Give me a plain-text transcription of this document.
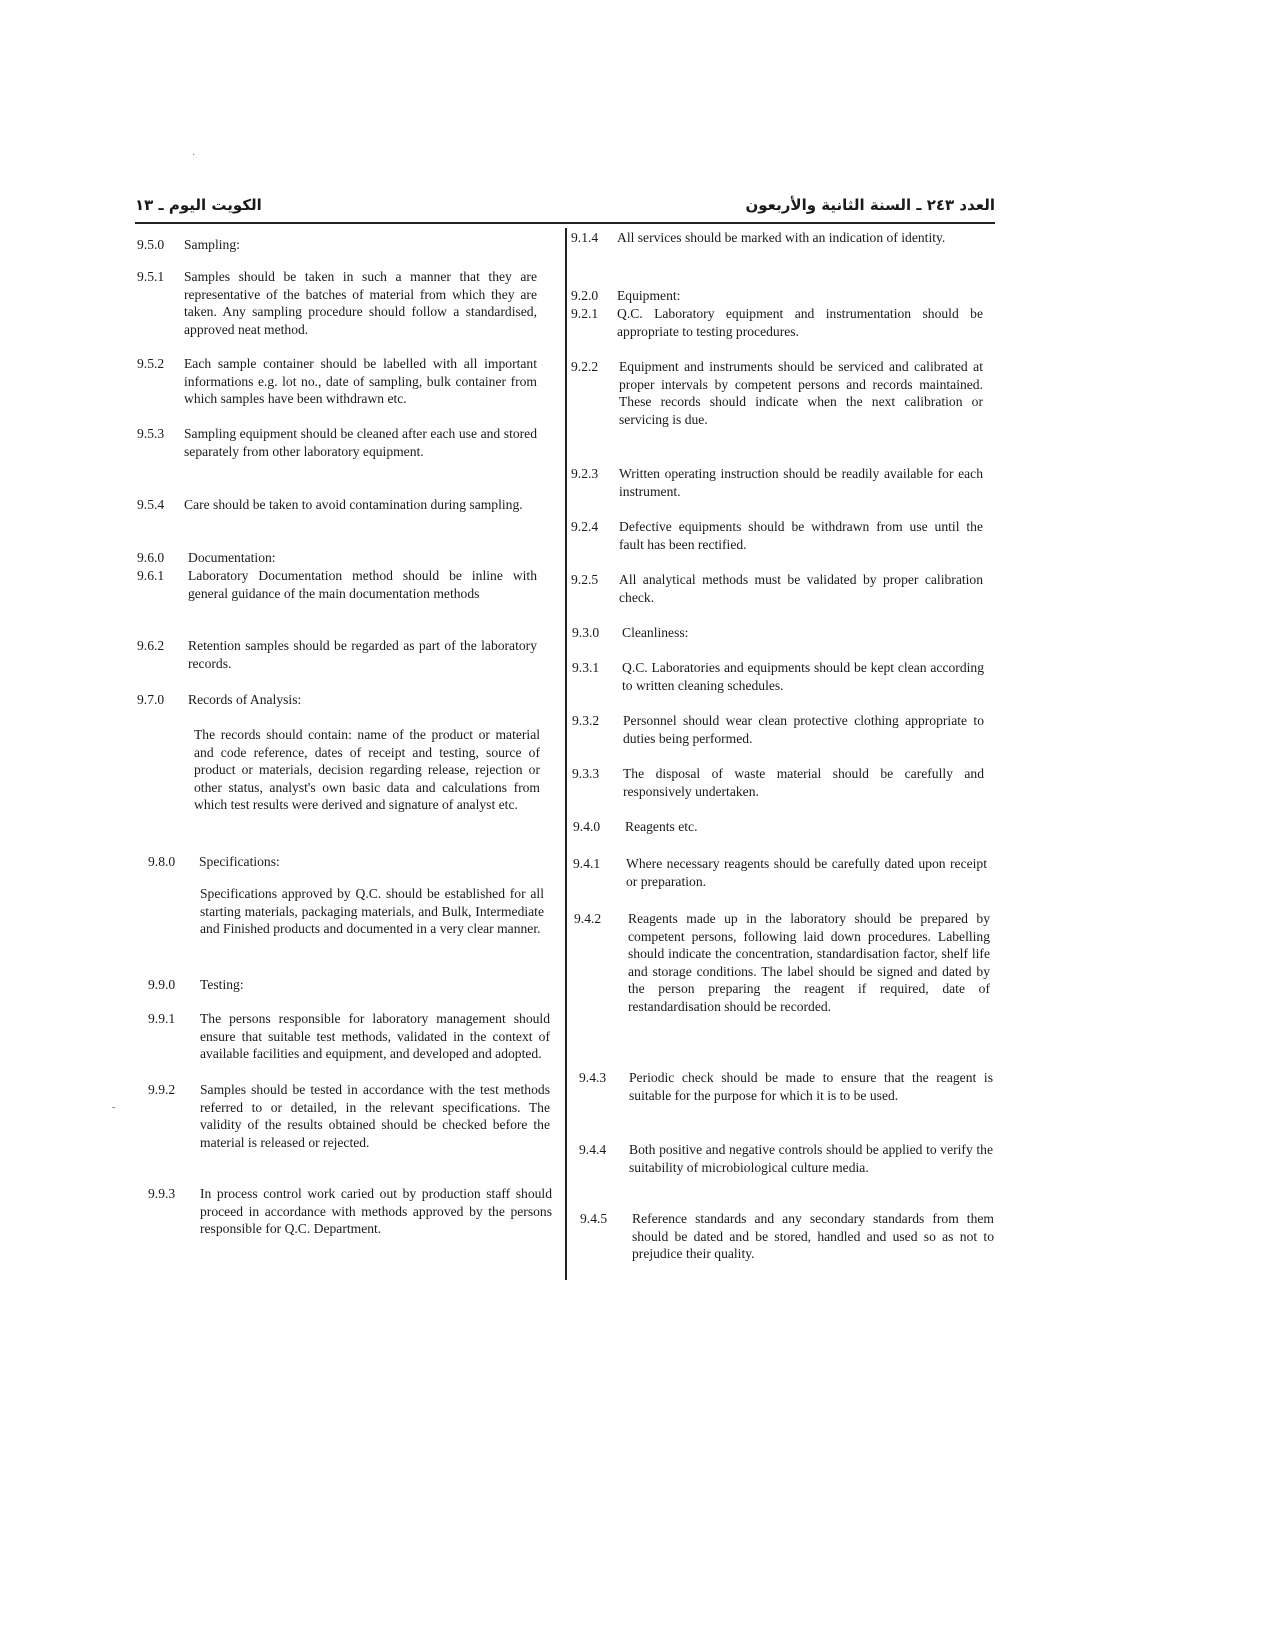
الكويت اليوم ـ ١٣	العدد ٢٤٣ ـ السنة الثانية والأربعون
9.5.0 Sampling:
9.5.1 Samples should be taken in such a manner that they are representative of the batches of material from which they are taken. Any sampling procedure should follow a standardised, approved neat method.
9.5.2 Each sample container should be labelled with all important informations e.g. lot no., date of sampling, bulk container from which samples have been withdrawn etc.
9.5.3 Sampling equipment should be cleaned after each use and stored separately from other laboratory equipment.
9.5.4 Care should be taken to avoid contamination during sampling.
9.6.0 Documentation:
9.6.1 Laboratory Documentation method should be inline with general guidance of the main documentation methods
9.6.2 Retention samples should be regarded as part of the laboratory records.
9.7.0 Records of Analysis:
The records should contain: name of the product or material and code reference, dates of receipt and testing, source of product or materials, decision regarding release, rejection or other status, analyst's own basic data and calculations from which test results were derived and signature of analyst etc.
9.8.0 Specifications:
Specifications approved by Q.C. should be established for all starting materials, packaging materials, and Bulk, Intermediate and Finished products and documented in a very clear manner.
9.9.0 Testing:
9.9.1 The persons responsible for laboratory management should ensure that suitable test methods, validated in the context of available facilities and equipment, and developed and adopted.
9.9.2 Samples should be tested in accordance with the test methods referred to or detailed, in the relevant specifications. The validity of the results obtained should be checked before the material is released or rejected.
9.9.3 In process control work caried out by production staff should proceed in accordance with methods approved by the persons responsible for Q.C. Department.
9.1.4 All services should be marked with an indication of identity.
9.2.0 Equipment:
9.2.1 Q.C. Laboratory equipment and instrumentation should be appropriate to testing procedures.
9.2.2 Equipment and instruments should be serviced and calibrated at proper intervals by competent persons and records maintained. These records should indicate when the next calibration or servicing is due.
9.2.3 Written operating instruction should be readily available for each instrument.
9.2.4 Defective equipments should be withdrawn from use until the fault has been rectified.
9.2.5 All analytical methods must be validated by proper calibration check.
9.3.0 Cleanliness:
9.3.1 Q.C. Laboratories and equipments should be kept clean according to written cleaning schedules.
9.3.2 Personnel should wear clean protective clothing appropriate to duties being performed.
9.3.3 The disposal of waste material should be carefully and responsively undertaken.
9.4.0 Reagents etc.
9.4.1 Where necessary reagents should be carefully dated upon receipt or preparation.
9.4.2 Reagents made up in the laboratory should be prepared by competent persons, following laid down procedures. Labelling should indicate the concentration, standardisation factor, shelf life and storage conditions. The label should be signed and dated by the person preparing the reagent if required, date of restandardisation should be recorded.
9.4.3 Periodic check should be made to ensure that the reagent is suitable for the purpose for which it is to be used.
9.4.4 Both positive and negative controls should be applied to verify the suitability of microbiological culture media.
9.4.5 Reference standards and any secondary standards from them should be dated and be stored, handled and used so as not to prejudice their quality.
·
-
